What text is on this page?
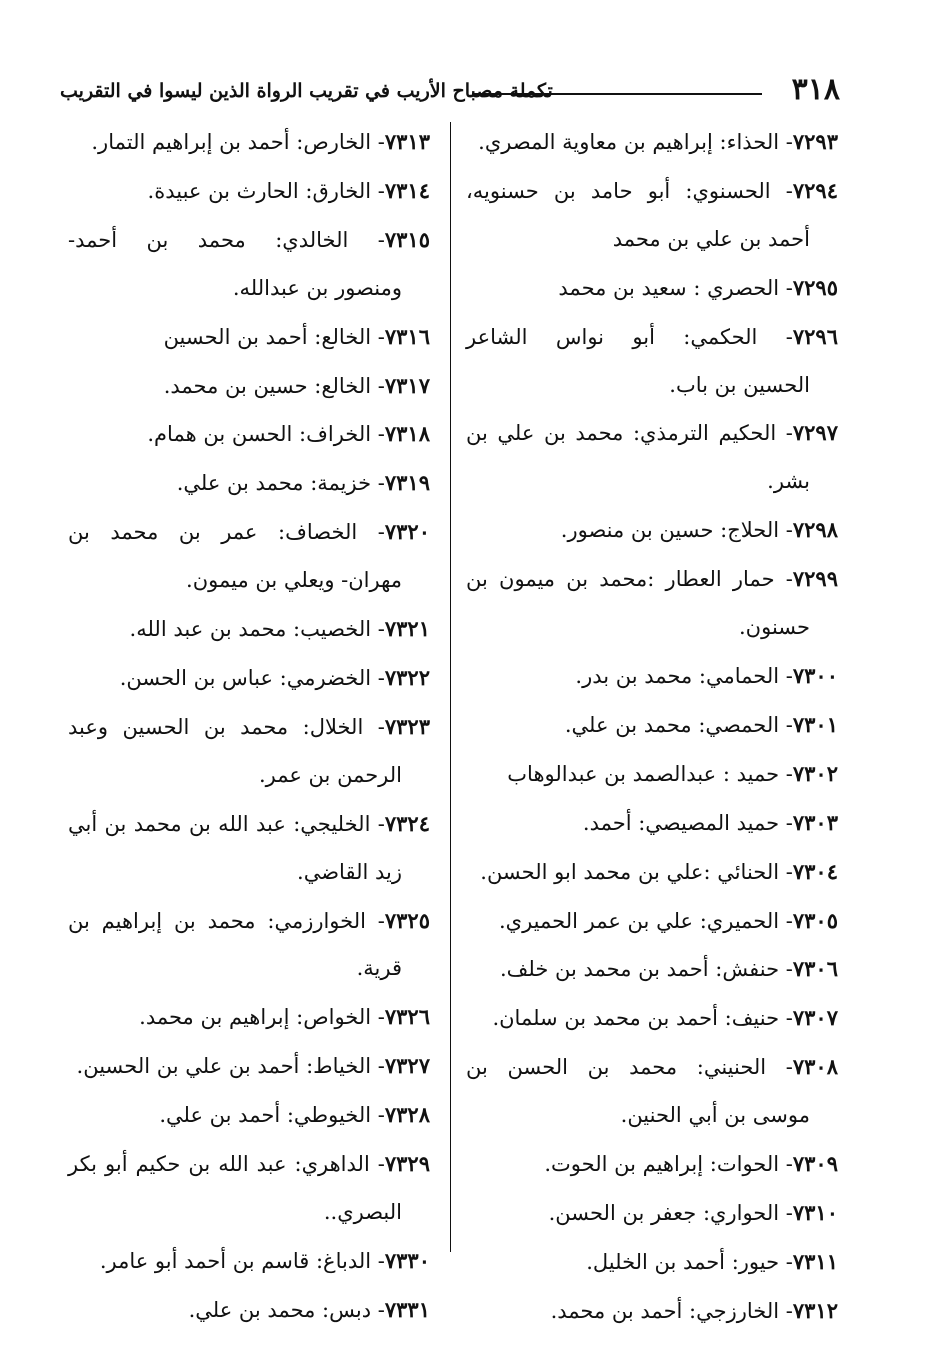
٣١٨
تكملة مصباح الأريب في تقريب الرواة الذين ليسوا في التقريب
٧٢٩٣- الحذاء: إبراهيم بن معاوية المصري.
٧٢٩٤- الحسنوي: أبو حامد بن حسنويه،
أحمد بن علي بن محمد
٧٢٩٥- الحصري : سعيد بن محمد
٧٢٩٦- الحكمي: أبو نواس الشاعر
الحسين بن باب.
٧٢٩٧- الحكيم الترمذي: محمد بن علي بن
بشر.
٧٢٩٨- الحلاج: حسين بن منصور.
٧٢٩٩- حمار العطار :محمد بن ميمون بن
حسنون.
٧٣٠٠- الحمامي: محمد بن بدر.
٧٣٠١- الحمصي: محمد بن علي.
٧٣٠٢- حميد : عبدالصمد بن عبدالوهاب
٧٣٠٣- حميد المصيصي: أحمد.
٧٣٠٤- الحنائي :علي بن محمد ابو الحسن.
٧٣٠٥- الحميري: علي بن عمر الحميري.
٧٣٠٦- حنفش: أحمد بن محمد بن خلف.
٧٣٠٧- حنيف: أحمد بن محمد بن سلمان.
٧٣٠٨- الحنيني: محمد بن الحسن بن
موسى بن أبي الحنين.
٧٣٠٩- الحوات: إبراهيم بن الحوت.
٧٣١٠- الحواري: جعفر بن الحسن.
٧٣١١- حيور: أحمد بن الخليل.
٧٣١٢- الخارزجي: أحمد بن محمد.
٧٣١٣- الخارص: أحمد بن إبراهيم التمار.
٧٣١٤- الخارق: الحارث بن عبيدة.
٧٣١٥- الخالدي: محمد بن أحمد-
ومنصور بن عبدالله.
٧٣١٦- الخالع: أحمد بن الحسين
٧٣١٧- الخالع: حسين بن محمد.
٧٣١٨- الخراف: الحسن بن همام.
٧٣١٩- خزيمة: محمد بن علي.
٧٣٢٠- الخصاف: عمر بن محمد بن
مهران- ويعلي بن ميمون.
٧٣٢١- الخصيب: محمد بن عبد الله.
٧٣٢٢- الخضرمي: عباس بن الحسن.
٧٣٢٣- الخلال: محمد بن الحسين وعبد
الرحمن بن عمر.
٧٣٢٤- الخليجي: عبد الله بن محمد بن أبي
زيد القاضي.
٧٣٢٥- الخوارزمي: محمد بن إبراهيم بن
قرية.
٧٣٢٦- الخواص: إبراهيم بن محمد.
٧٣٢٧- الخياط: أحمد بن علي بن الحسين.
٧٣٢٨- الخيوطي: أحمد بن علي.
٧٣٢٩- الداهري: عبد الله بن حكيم أبو بكر
البصري..
٧٣٣٠- الدباغ: قاسم بن أحمد أبو عامر.
٧٣٣١- دبس: محمد بن علي.
